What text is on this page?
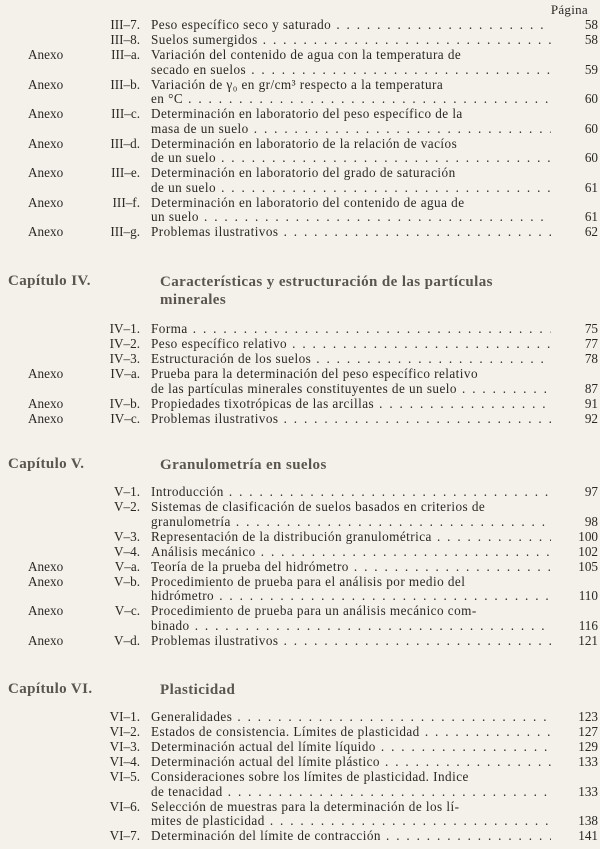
Página
III–7. Peso específico seco y saturado . . .	58
III–8. Suelos sumergidos . . .	58
Anexo	III–a. Variación del contenido de agua con la temperatura de
secado en suelos . . .	59
Anexo	III–b. Variación de γ₀ en gr/cm³ respecto a la temperatura
en °C . . .	60
Anexo	III–c. Determinación en laboratorio del peso específico de la
masa de un suelo . . .	60
Anexo	III–d. Determinación en laboratorio de la relación de vacíos
de un suelo . . .	60
Anexo	III–e. Determinación en laboratorio del grado de saturación
de un suelo . . .	61
Anexo	III–f. Determinación en laboratorio del contenido de agua de
un suelo . . .	61
Anexo	III–g. Problemas ilustrativos . . .	62
Capítulo IV.	Características y estructuración de las partículas minerales
IV–1. Forma . . .	75
IV–2. Peso específico relativo . . .	77
IV–3. Estructuración de los suelos . . .	78
Anexo	IV–a. Prueba para la determinación del peso específico relativo
de las partículas minerales constituyentes de un suelo . . .	87
Anexo	IV–b. Propiedades tixotrópicas de las arcillas . . .	91
Anexo	IV–c. Problemas ilustrativos . . .	92
Capítulo V.	Granulometría en suelos
V–1. Introducción . . .	97
V–2. Sistemas de clasificación de suelos basados en criterios de
granulometría . . .	98
V–3. Representación de la distribución granulométrica . . .	100
V–4. Análisis mecánico . . .	102
Anexo	V–a. Teoría de la prueba del hidrómetro . . .	105
Anexo	V–b. Procedimiento de prueba para el análisis por medio del
hidrómetro . . .	110
Anexo	V–c. Procedimiento de prueba para un análisis mecánico com-
binado . . .	116
Anexo	V–d. Problemas ilustrativos . . .	121
Capítulo VI.	Plasticidad
VI–1. Generalidades . . .	123
VI–2. Estados de consistencia. Límites de plasticidad . . .	127
VI–3. Determinación actual del límite líquido . . .	129
VI–4. Determinación actual del límite plástico . . .	133
VI–5. Consideraciones sobre los límites de plasticidad. Indice
de tenacidad . . .	133
VI–6. Selección de muestras para la determinación de los lí-
mites de plasticidad . . .	138
VI–7. Determinación del límite de contracción . . .	141
